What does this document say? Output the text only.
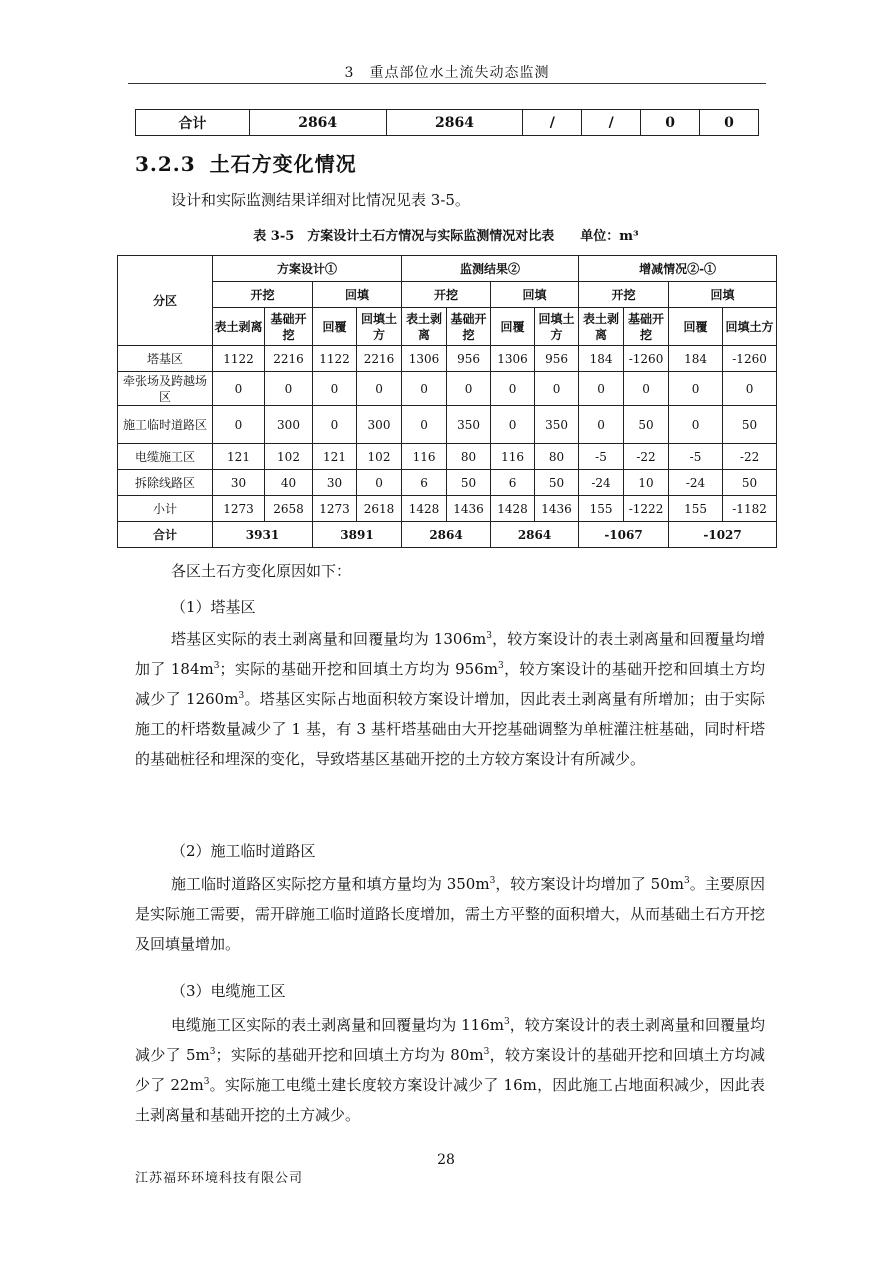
3　重点部位水土流失动态监测
合计	2864	2864	/	/	0	0
3.2.3 土石方变化情况
设计和实际监测结果详细对比情况见表 3-5。
表 3-5　方案设计土石方情况与实际监测情况对比表　　单位：m³
分区	方案设计①				监测结果②				增减情况②-①			
	开挖		回填		开挖		回填		开挖		回填	
	表土剥离	基础开挖	回覆	回填土方	表土剥离	基础开挖	回覆	回填土方	表土剥离	基础开挖	回覆	回填土方
塔基区	1122	2216	1122	2216	1306	956	1306	956	184	-1260	184	-1260
牵张场及跨越场区	0	0	0	0	0	0	0	0	0	0	0	0
施工临时道路区	0	300	0	300	0	350	0	350	0	50	0	50
电缆施工区	121	102	121	102	116	80	116	80	-5	-22	-5	-22
拆除线路区	30	40	30	0	6	50	6	50	-24	10	-24	50
小计	1273	2658	1273	2618	1428	1436	1428	1436	155	-1222	155	-1182
合计	3931		3891		2864		2864		-1067		-1027	
各区土石方变化原因如下：
（1）塔基区
塔基区实际的表土剥离量和回覆量均为 $1306m^3$，较方案设计的表土剥离量和回覆量均增加了 $184m^3$；实际的基础开挖和回填土方均为 $956m^3$，较方案设计的基础开挖和回填土方均减少了 $1260m^3$。塔基区实际占地面积较方案设计增加，因此表土剥离量有所增加；由于实际施工的杆塔数量减少了 1 基，有 3 基杆塔基础由大开挖基础调整为单桩灌注桩基础，同时杆塔的基础桩径和埋深的变化，导致塔基区基础开挖的土方较方案设计有所减少。
（2）施工临时道路区
施工临时道路区实际挖方量和填方量均为 $350m^3$，较方案设计均增加了 $50m^3$。主要原因是实际施工需要，需开辟施工临时道路长度增加，需土方平整的面积增大，从而基础土石方开挖及回填量增加。
（3）电缆施工区
电缆施工区实际的表土剥离量和回覆量均为 $116m^3$，较方案设计的表土剥离量和回覆量均减少了 $5m^3$；实际的基础开挖和回填土方均为 $80m^3$，较方案设计的基础开挖和回填土方均减少了 $22m^3$。实际施工电缆土建长度较方案设计减少了 16m，因此施工占地面积减少，因此表土剥离量和基础开挖的土方减少。
28
江苏福环环境科技有限公司
